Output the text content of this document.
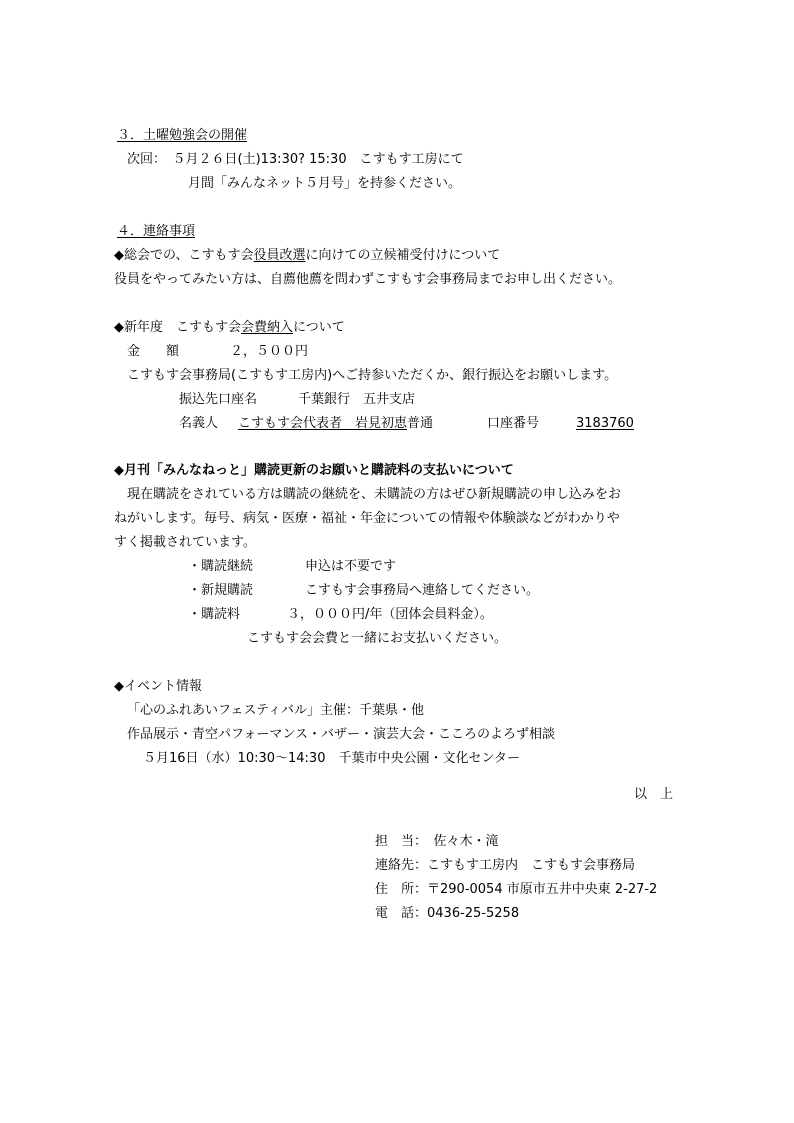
３．土曜勉強会の開催
次回：　５月２６日(土)13:30? 15:30　こすもす工房にて
月間「みんなネット５月号」を持参ください。
４．連絡事項
◆総会での、こすもす会役員改選に向けての立候補受付けについて
役員をやってみたい方は、自薦他薦を問わずこすもす会事務局までお申し出ください。
◆新年度　こすもす会会費納入について
金　　額	２，５００円
こすもす会事務局(こすもす工房内)へご持参いただくか、銀行振込をお願いします。
振込先口座名	千葉銀行　五井支店
名義人 こすもす会代表者　岩見初恵普通	口座番号	3183760
◆月刊「みんなねっと」購読更新のお願いと購読料の支払いについて
現在購読をされている方は購読の継続を、未購読の方はぜひ新規購読の申し込みをお
ねがいします。毎号、病気・医療・福祉・年金についての情報や体験談などがわかりや
すく掲載されています。
・購読継続	申込は不要です
・新規購読	こすもす会事務局へ連絡してください。
・購読料	３，０００円/年（団体会員料金）。
こすもす会会費と一緒にお支払いください。
◆イベント情報
「心のふれあいフェスティバル」主催：千葉県・他
作品展示・青空パフォーマンス・バザー・演芸大会・こころのよろず相談
５月16日（水）10:30～14:30　千葉市中央公園・文化センター
以　上
担　当：　佐々木・滝
連絡先：こすもす工房内　こすもす会事務局
住　所：〒290-0054 市原市五井中央東 2-27-2
電　話：0436-25-5258
